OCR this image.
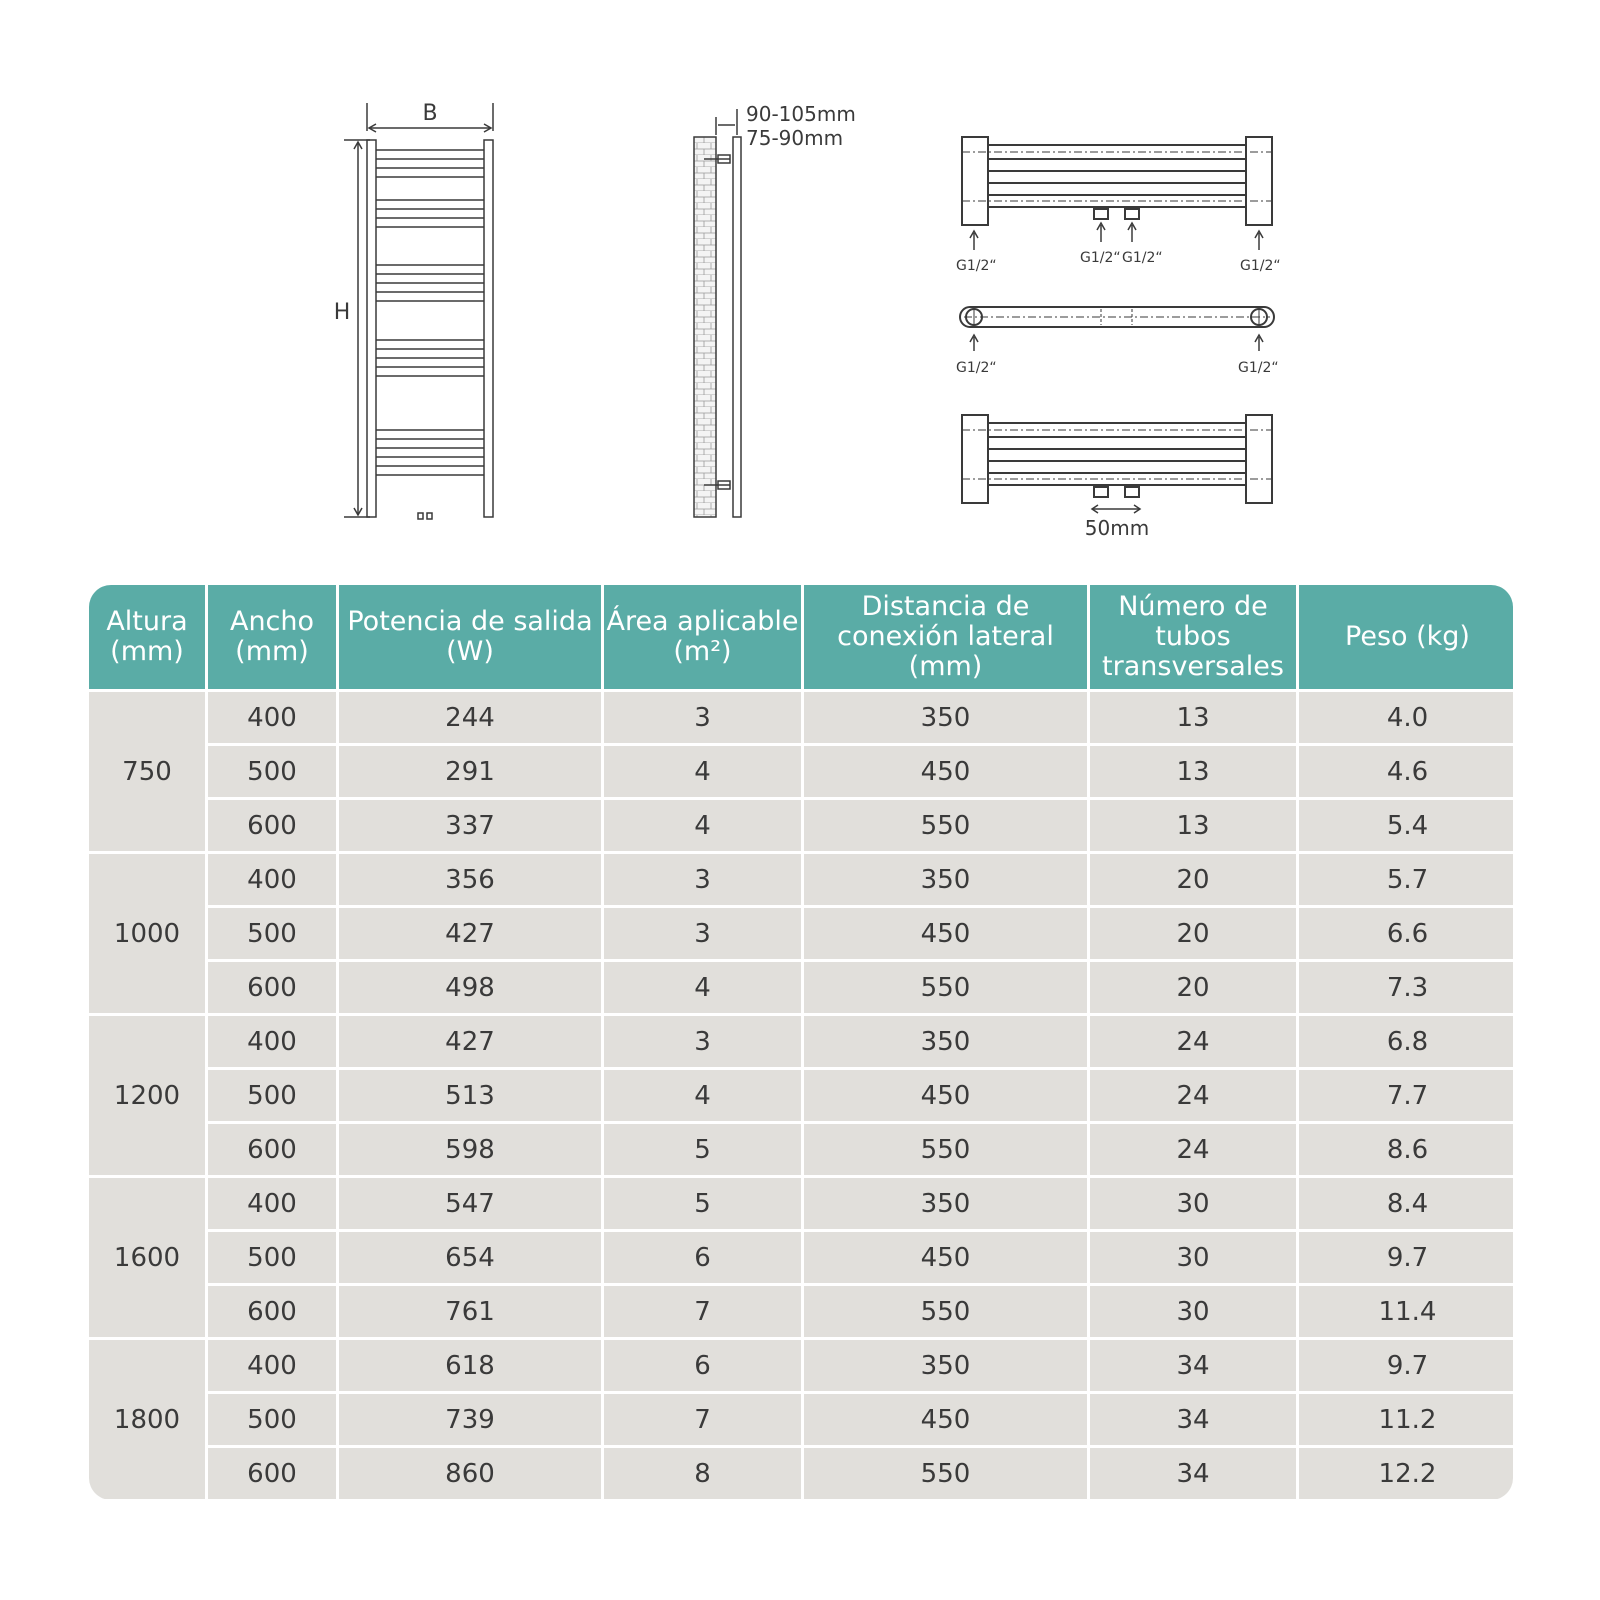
B
H
90-105mm
75-90mm
G1/2“	G1/2“ G1/2“	G1/2“
G1/2“	G1/2“
50mm
Altura (mm)	Ancho (mm)	Potencia de salida (W)	Área aplicable (m²)	Distancia de conexión lateral (mm)	Número de tubos transversales	Peso (kg)
750	400	244	3	350	13	4.0
	500	291	4	450	13	4.6
	600	337	4	550	13	5.4
1000	400	356	3	350	20	5.7
	500	427	3	450	20	6.6
	600	498	4	550	20	7.3
1200	400	427	3	350	24	6.8
	500	513	4	450	24	7.7
	600	598	5	550	24	8.6
1600	400	547	5	350	30	8.4
	500	654	6	450	30	9.7
	600	761	7	550	30	11.4
1800	400	618	6	350	34	9.7
	500	739	7	450	34	11.2
	600	860	8	550	34	12.2
